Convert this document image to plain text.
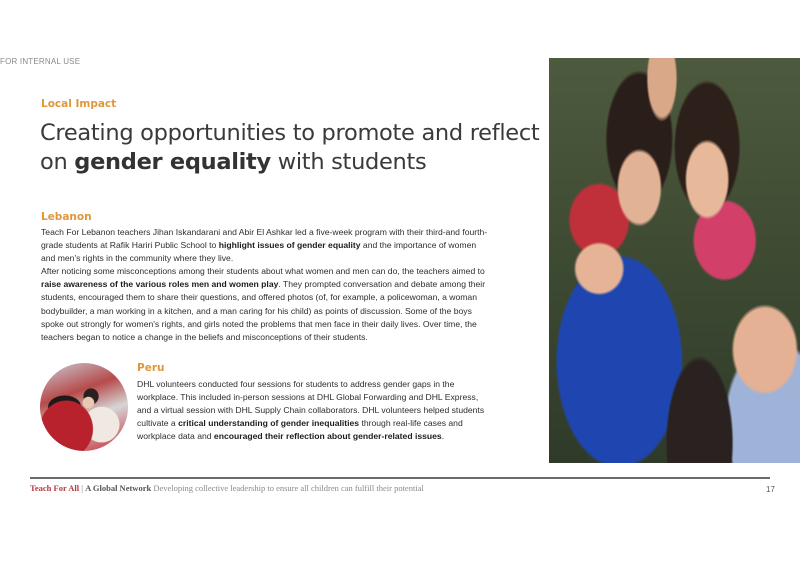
FOR INTERNAL USE
Local Impact
Creating opportunities to promote and reflect on gender equality with students
Lebanon

Teach For Lebanon teachers Jihan Iskandarani and Abir El Ashkar led a five-week program with their third-and fourth-grade students at Rafik Hariri Public School to highlight issues of gender equality and the importance of women and men's rights in the community where they live.

After noticing some misconceptions among their students about what women and men can do, the teachers aimed to raise awareness of the various roles men and women play. They prompted conversation and debate among their students, encouraged them to share their questions, and offered photos (of, for example, a policewoman, a woman bodybuilder, a man working in a kitchen, and a man caring for his child) as points of discussion. Some of the boys spoke out strongly for women's rights, and girls noted the problems that men face in their daily lives. Over time, the teachers began to notice a change in the beliefs and misconceptions of their students.

Peru

DHL volunteers conducted four sessions for students to address gender gaps in the workplace. This included in-person sessions at DHL Global Forwarding and DHL Express, and a virtual session with DHL Supply Chain collaborators. DHL volunteers helped students cultivate a critical understanding of gender inequalities through real-life cases and workplace data and encouraged their reflection about gender-related issues.

Teach For All | A Global Network Developing collective leadership to ensure all children can fulfill their potential	17
